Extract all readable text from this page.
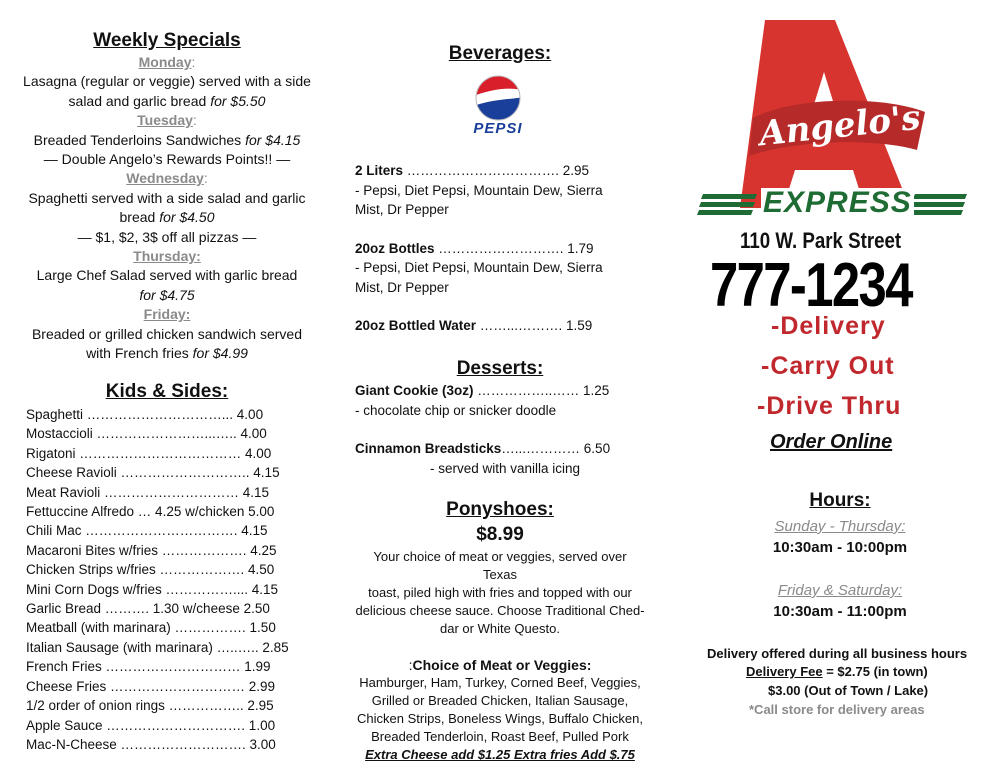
Weekly Specials
Monday:
Lasagna (regular or veggie) served with a side
salad and garlic bread for $5.50
Tuesday:
Breaded Tenderloins Sandwiches for $4.15
— Double Angelo’s Rewards Points!! —
Wednesday:
Spaghetti served with a side salad and garlic
bread for $4.50
— $1, $2, 3$ off all pizzas —
Thursday:
Large Chef Salad served with garlic bread
for $4.75
Friday:
Breaded or grilled chicken sandwich served
with French fries for $4.99
Kids & Sides:
Spaghetti …………………………... 4.00
Mostaccioli ……………………...….. 4.00
Rigatoni ……………………………… 4.00
Cheese Ravioli ……………………….. 4.15
Meat Ravioli ………………………… 4.15
Fettuccine Alfredo … 4.25 w/chicken 5.00
Chili Mac ……………………………. 4.15
Macaroni Bites w/fries ………………. 4.25
Chicken Strips w/fries ………………. 4.50
Mini Corn Dogs w/fries …………….... 4.15
Garlic Bread ………. 1.30 w/cheese 2.50
Meatball (with marinara) ……………. 1.50
Italian Sausage (with marinara) …..….. 2.85
French Fries ………………………… 1.99
Cheese Fries ………………………… 2.99
1/2 order of onion rings …………….. 2.95
Apple Sauce …………………………. 1.00
Mac-N-Cheese ………………………. 3.00
Beverages:
PEPSI
2 Liters ……………………………. 2.95
- Pepsi, Diet Pepsi, Mountain Dew, Sierra
Mist, Dr Pepper
20oz Bottles ………………………. 1.79
- Pepsi, Diet Pepsi, Mountain Dew, Sierra
Mist, Dr Pepper
20oz Bottled Water ……...………. 1.59
Desserts:
Giant Cookie (3oz) ……………..…… 1.25
- chocolate chip or snicker doodle
Cinnamon Breadsticks…...………… 6.50
- served with vanilla icing
Ponyshoes:
$8.99
Your choice of meat or veggies, served over Texas
toast, piled high with fries and topped with our
delicious cheese sauce. Choose Traditional Ched-
dar or White Questo.
:Choice of Meat or Veggies:
Hamburger, Ham, Turkey, Corned Beef, Veggies,
Grilled or Breaded Chicken, Italian Sausage,
Chicken Strips, Boneless Wings, Buffalo Chicken,
Breaded Tenderloin, Roast Beef, Pulled Pork
Extra Cheese add $1.25 Extra fries Add $.75
Angelo's
EXPRESS
110 W. Park Street
777-1234
-Delivery
-Carry Out
-Drive Thru
Order Online
Hours:
Sunday - Thursday:
10:30am - 10:00pm
Friday & Saturday:
10:30am - 11:00pm
Delivery offered during all business hours
Delivery Fee = $2.75 (in town)
$3.00 (Out of Town / Lake)
*Call store for delivery areas
